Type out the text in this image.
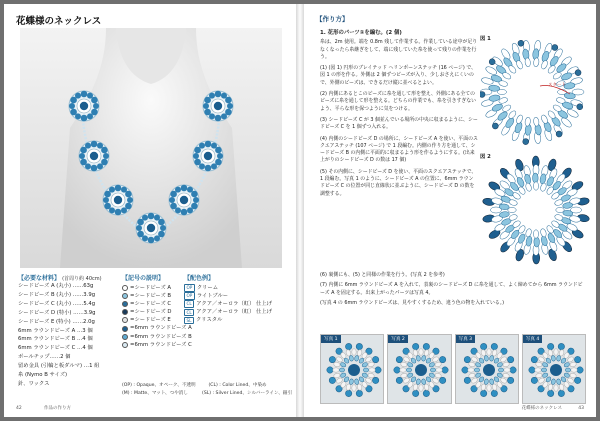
花蝶様のネックレス
【必要な材料】 (首周り約 40cm)
シードビーズ A (丸小) ……63g
シードビーズ B (丸小) ……3.9g
シードビーズ C (丸小) ……5.4g
シードビーズ D (特小) ……3.9g
シードビーズ E (特小) ……2.0g
6mm ラウンドビーズ A …3 個
6mm ラウンドビーズ B …4 個
6mm ラウンドビーズ C …4 個
ボールチップ……2 個
留め金具 (引輪と板ダルマ) …1 組
糸 (Nymo B サイズ)
針、ワックス
【記号の説明】
=シードビーズ A
=シードビーズ B
=シードビーズ C
=シードビーズ D
=シードビーズ E
=6mm ラウンドビーズ A
=6mm ラウンドビーズ B
=6mm ラウンドビーズ C
【配色例】
OP クリーム
OP ライトブルー
CL アクア／オーロラ（虹） 仕上げ
CL アクア／オーロラ（虹） 仕上げ
SL クリスタル
(OP) : Opaque、オペーク、不透明	(CL) : Color Lined、中染め
(M) : Matte、マット、つや消し	(SL) : Silver Lined、シルバーライン、銀引
42	作品の作り方
【作り方】

1. 花形のパーツ①を編む。(2 個)

糸は、2m 使用。端を 0.8m 残して作業する。作業している途中が足りなくなったら糸継ぎをして、端に残していた糸を使って残りの作業を行う。

(1) (図 1) 円形のブレイテッド ヘリンボーンステッチ (16 ページ) で、図 1 の形を作る。外側は 2 個ずつビーズが入り、少しおさえにくいので、外側のビーズは、できるだけ縦に並べるとよい。

(2) 内側にあるとこのビーズに糸を通して形を整え、外側にある全てのビーズに糸を通して形を整える。どちらの作業でも、糸を引きすぎないよう、平らな形を保つように気をつける。

(3) シードビーズ C が 3 個並んでいる場所の中央に収まるように、シードビーズ C を 1 個ずつ入れる。

(4) 内側のシードビーズ D の場所に、シードビーズ A を使い、平面のスクエアステッチ (107 ページ) で 1 段編む。内側の作り方を通して、シードビーズ B の内側に平面的に収まるよう形を作るようにする。(出来上がりのシードビーズ D の数は 17 個)

(5) その内側に、シードビーズ D を使い、平面のスクエアステッチで、1 段編む。写真 1 のように、シードビーズ A の位置に、6mm ラウンドビーズ C の位置が同じ直線状に並ぶように、シードビーズ D の数を調整する。

図 1
スタート
図 2

(6) 裏側にも、(5) と同様の作業を行う。(写真 2 を参考)

(7) 内側に 6mm ラウンドビーズ A を入れて、表裏のシードビーズ D に糸を通して、よく締めてから 6mm ラウンドビーズ A を固定する。出来上がったパーツは写真 4。

(写真 4 の 6mm ラウンドビーズは、見やすくするため、違う色の物を入れている。)

写真 1	写真 2	写真 3	写真 4
花蝶様のネックレス	43
